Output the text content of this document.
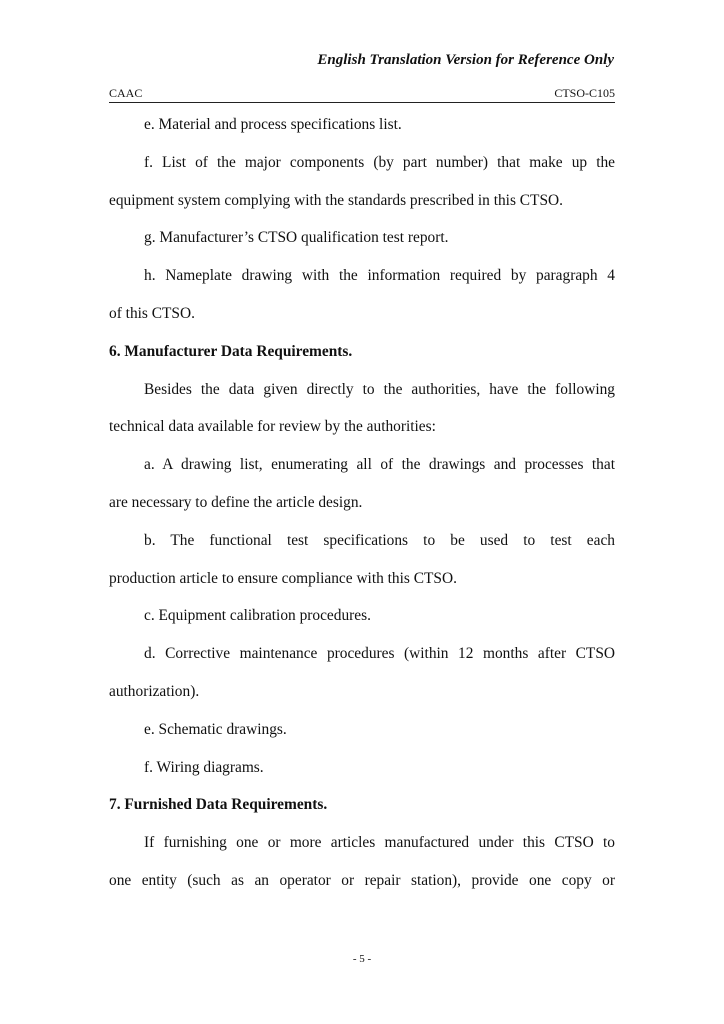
English Translation Version for Reference Only
CAAC	CTSO-C105

e. Material and process specifications list.

f. List of the major components (by part number) that make up the

equipment system complying with the standards prescribed in this CTSO.

g. Manufacturer’s CTSO qualification test report.

h. Nameplate drawing with the information required by paragraph 4

of this CTSO.

6. Manufacturer Data Requirements.

Besides the data given directly to the authorities, have the following

technical data available for review by the authorities:

a. A drawing list, enumerating all of the drawings and processes that

are necessary to define the article design.

b. The functional test specifications to be used to test each

production article to ensure compliance with this CTSO.

c. Equipment calibration procedures.

d. Corrective maintenance procedures (within 12 months after CTSO

authorization).

e. Schematic drawings.

f. Wiring diagrams.

7. Furnished Data Requirements.

If furnishing one or more articles manufactured under this CTSO to

one entity (such as an operator or repair station), provide one copy or

- 5 -
